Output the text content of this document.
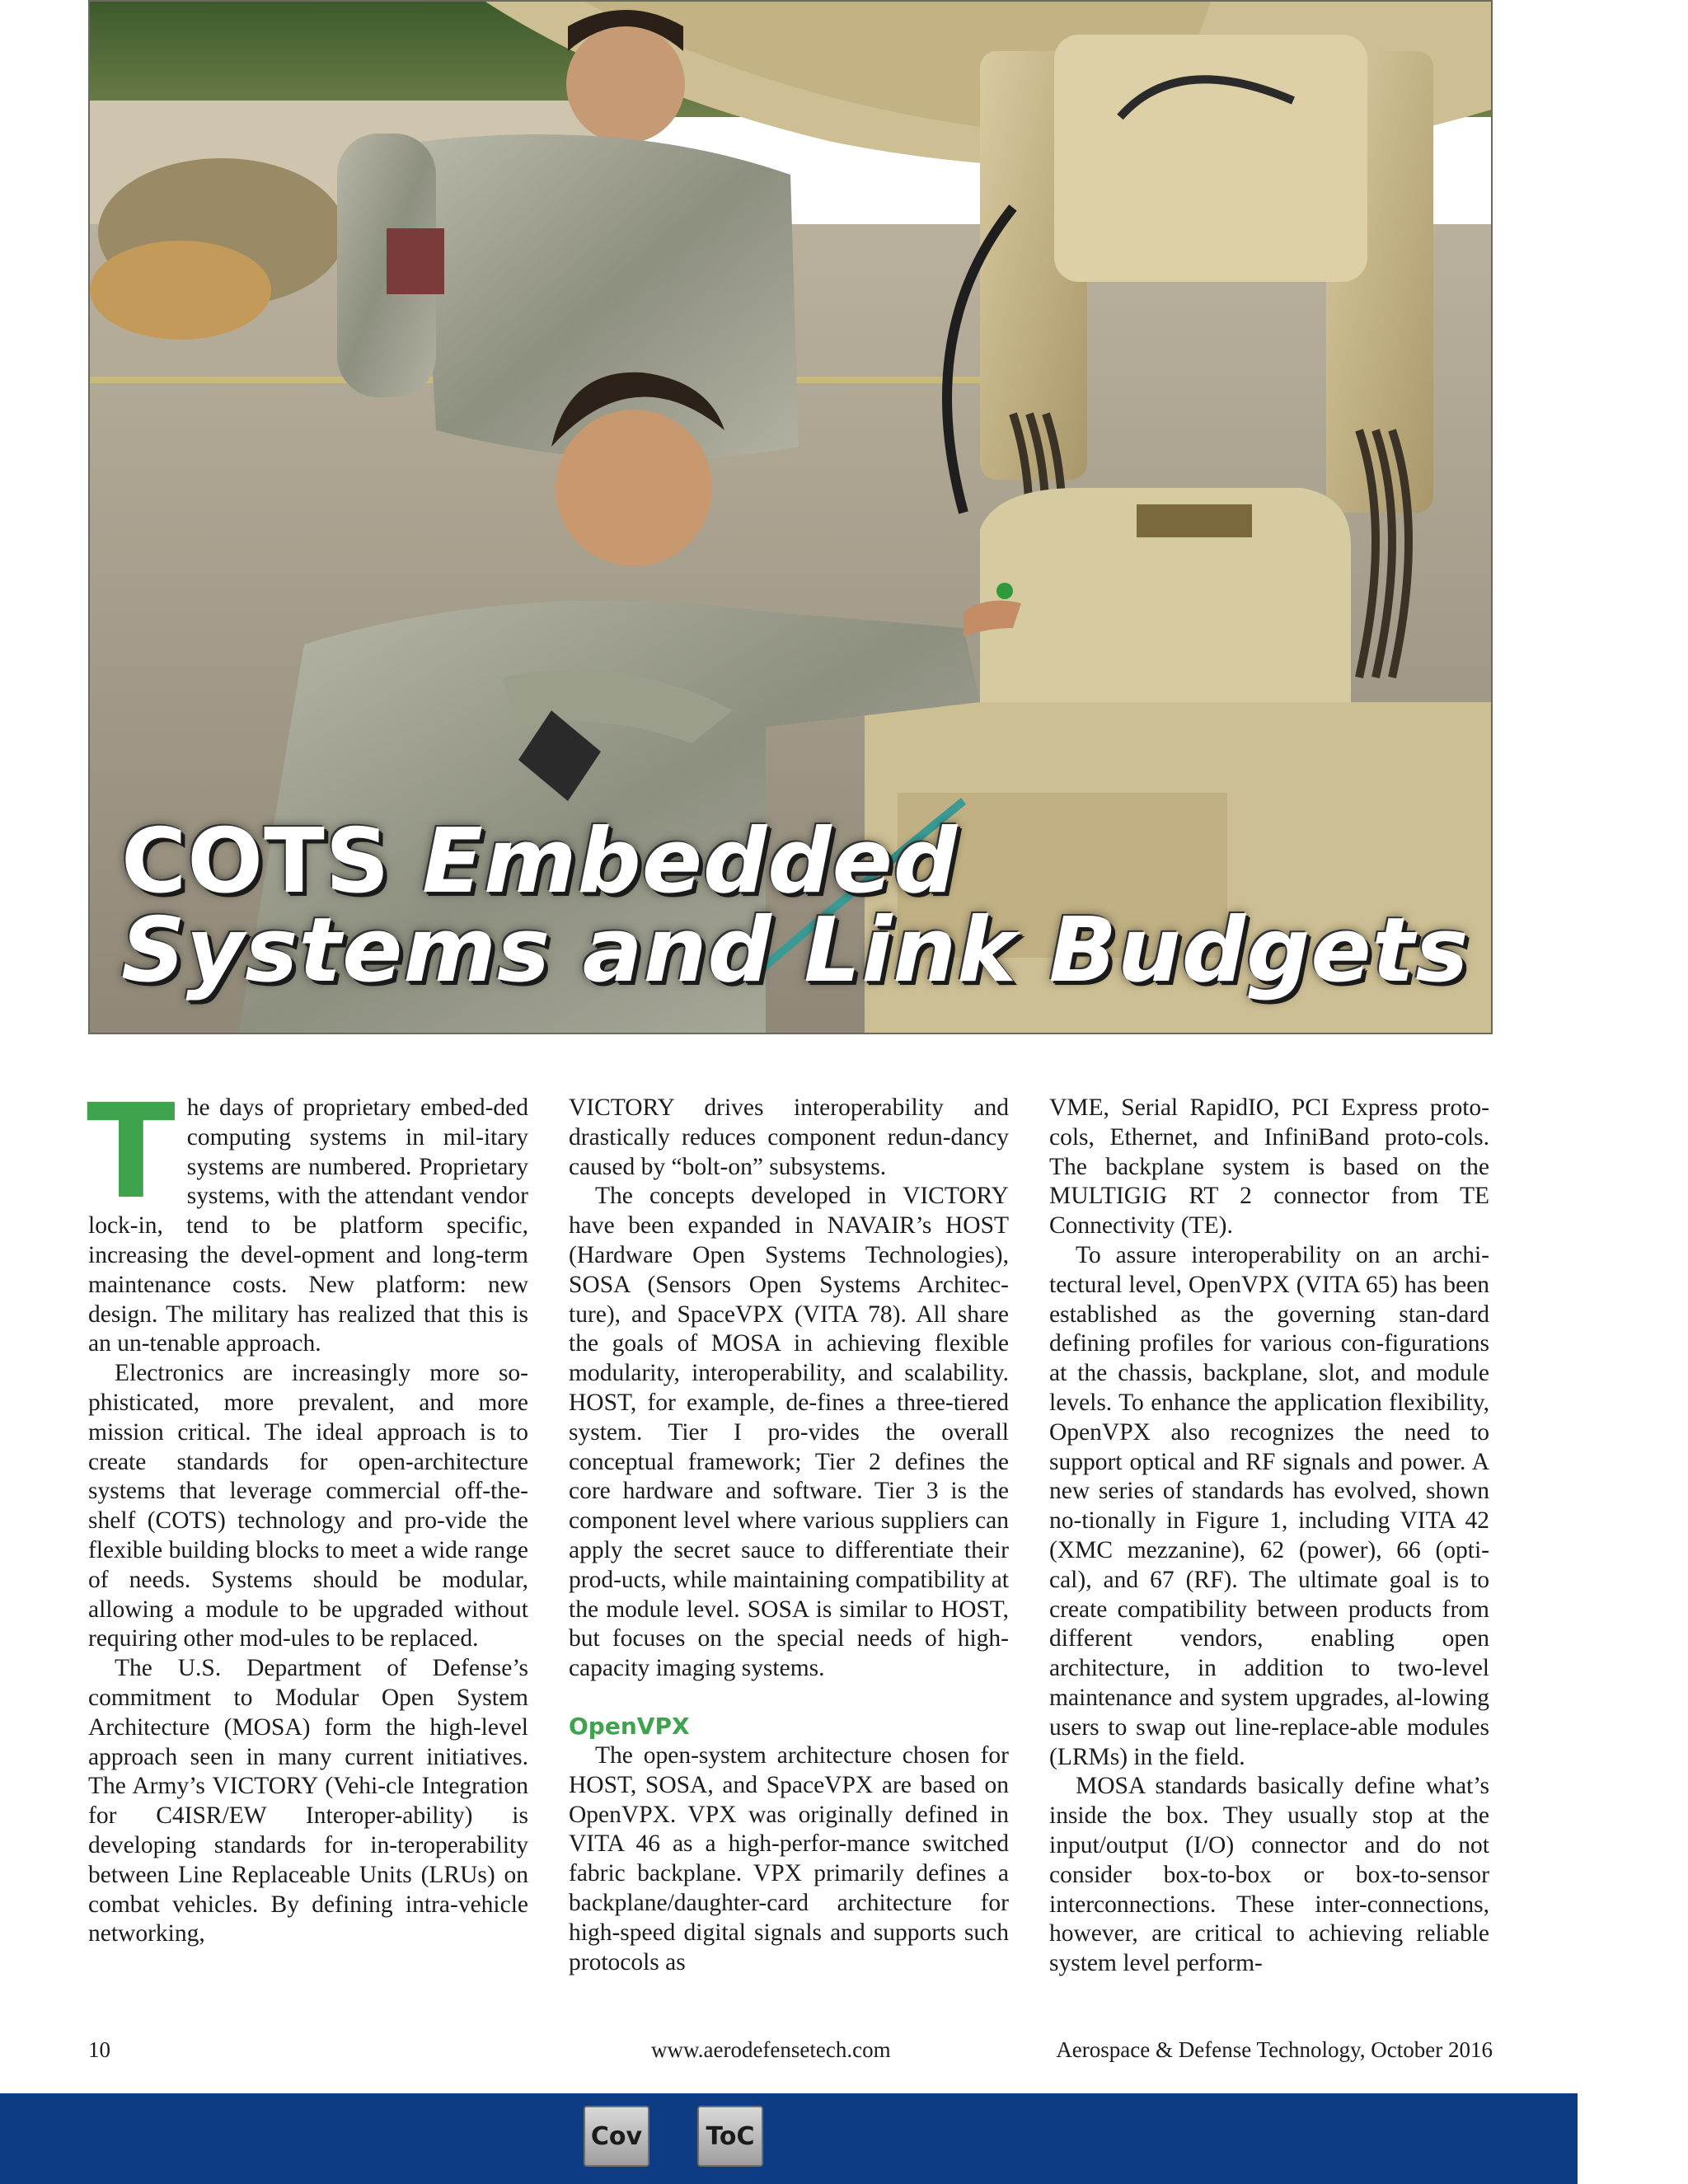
COTS Embedded
Systems and Link Budgets
T he days of proprietary embed-ded computing systems in mil-itary systems are numbered. Proprietary systems, with the attendant vendor lock-in, tend to be platform specific, increasing the devel-opment and long-term maintenance costs. New platform: new design. The military has realized that this is an un-tenable approach.

Electronics are increasingly more so-phisticated, more prevalent, and more mission critical. The ideal approach is to create standards for open-architecture systems that leverage commercial off-the-shelf (COTS) technology and pro-vide the flexible building blocks to meet a wide range of needs. Systems should be modular, allowing a module to be upgraded without requiring other mod-ules to be replaced.

The U.S. Department of Defense’s commitment to Modular Open System Architecture (MOSA) form the high-level approach seen in many current initiatives. The Army’s VICTORY (Vehi-cle Integration for C4ISR/EW Interoper-ability) is developing standards for in-teroperability between Line Replaceable Units (LRUs) on combat vehicles. By defining intra-vehicle networking,

VICTORY drives interoperability and drastically reduces component redun-dancy caused by “bolt-on” subsystems.

The concepts developed in VICTORY have been expanded in NAVAIR’s HOST (Hardware Open Systems Technologies), SOSA (Sensors Open Systems Architec-ture), and SpaceVPX (VITA 78). All share the goals of MOSA in achieving flexible modularity, interoperability, and scalability. HOST, for example, de-fines a three-tiered system. Tier I pro-vides the overall conceptual framework; Tier 2 defines the core hardware and software. Tier 3 is the component level where various suppliers can apply the secret sauce to differentiate their prod-ucts, while maintaining compatibility at the module level. SOSA is similar to HOST, but focuses on the special needs of high-capacity imaging systems.

OpenVPX

The open-system architecture chosen for HOST, SOSA, and SpaceVPX are based on OpenVPX. VPX was originally defined in VITA 46 as a high-perfor-mance switched fabric backplane. VPX primarily defines a backplane/daughter-card architecture for high-speed digital signals and supports such protocols as

VME, Serial RapidIO, PCI Express proto-cols, Ethernet, and InfiniBand proto-cols. The backplane system is based on the MULTIGIG RT 2 connector from TE Connectivity (TE).

To assure interoperability on an archi-tectural level, OpenVPX (VITA 65) has been established as the governing stan-dard defining profiles for various con-figurations at the chassis, backplane, slot, and module levels. To enhance the application flexibility, OpenVPX also recognizes the need to support optical and RF signals and power. A new series of standards has evolved, shown no-tionally in Figure 1, including VITA 42 (XMC mezzanine), 62 (power), 66 (opti-cal), and 67 (RF). The ultimate goal is to create compatibility between products from different vendors, enabling open architecture, in addition to two-level maintenance and system upgrades, al-lowing users to swap out line-replace-able modules (LRMs) in the field.

MOSA standards basically define what’s inside the box. They usually stop at the input/output (I/O) connector and do not consider box-to-box or box-to-sensor interconnections. These inter-connections, however, are critical to achieving reliable system level perform-

10	www.aerodefensetech.com	Aerospace & Defense Technology, October 2016
Cov	ToC
